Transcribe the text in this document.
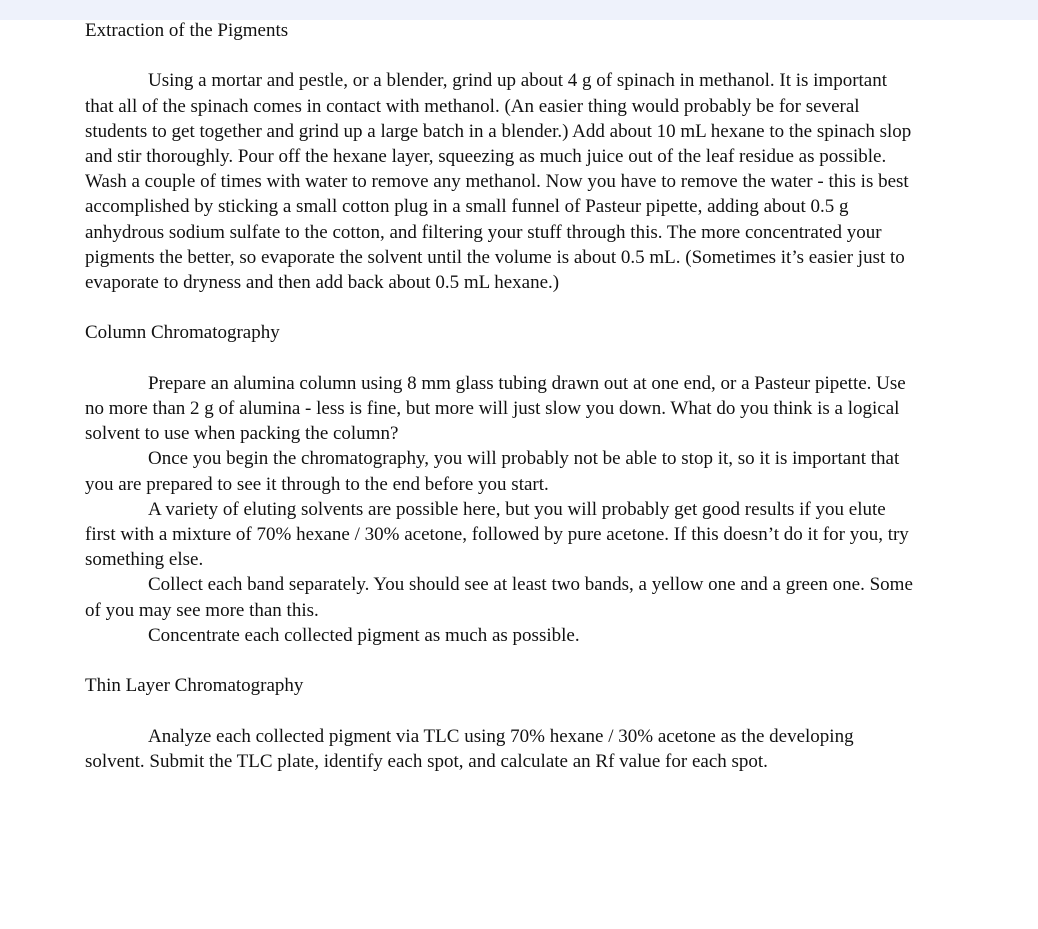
Extraction of the Pigments

Using a mortar and pestle, or a blender, grind up about 4 g of spinach in methanol. It is important that all of the spinach comes in contact with methanol. (An easier thing would probably be for several students to get together and grind up a large batch in a blender.) Add about 10 mL hexane to the spinach slop and stir thoroughly. Pour off the hexane layer, squeezing as much juice out of the leaf residue as possible. Wash a couple of times with water to remove any methanol. Now you have to remove the water - this is best accomplished by sticking a small cotton plug in a small funnel of Pasteur pipette, adding about 0.5 g anhydrous sodium sulfate to the cotton, and filtering your stuff through this. The more concentrated your pigments the better, so evaporate the solvent until the volume is about 0.5 mL. (Sometimes it’s easier just to evaporate to dryness and then add back about 0.5 mL hexane.)

Column Chromatography

Prepare an alumina column using 8 mm glass tubing drawn out at one end, or a Pasteur pipette. Use no more than 2 g of alumina - less is fine, but more will just slow you down. What do you think is a logical solvent to use when packing the column?

Once you begin the chromatography, you will probably not be able to stop it, so it is important that you are prepared to see it through to the end before you start.

A variety of eluting solvents are possible here, but you will probably get good results if you elute first with a mixture of 70% hexane / 30% acetone, followed by pure acetone. If this doesn’t do it for you, try something else.

Collect each band separately. You should see at least two bands, a yellow one and a green one. Some of you may see more than this.

Concentrate each collected pigment as much as possible.

Thin Layer Chromatography

Analyze each collected pigment via TLC using 70% hexane / 30% acetone as the developing solvent. Submit the TLC plate, identify each spot, and calculate an Rf value for each spot.
